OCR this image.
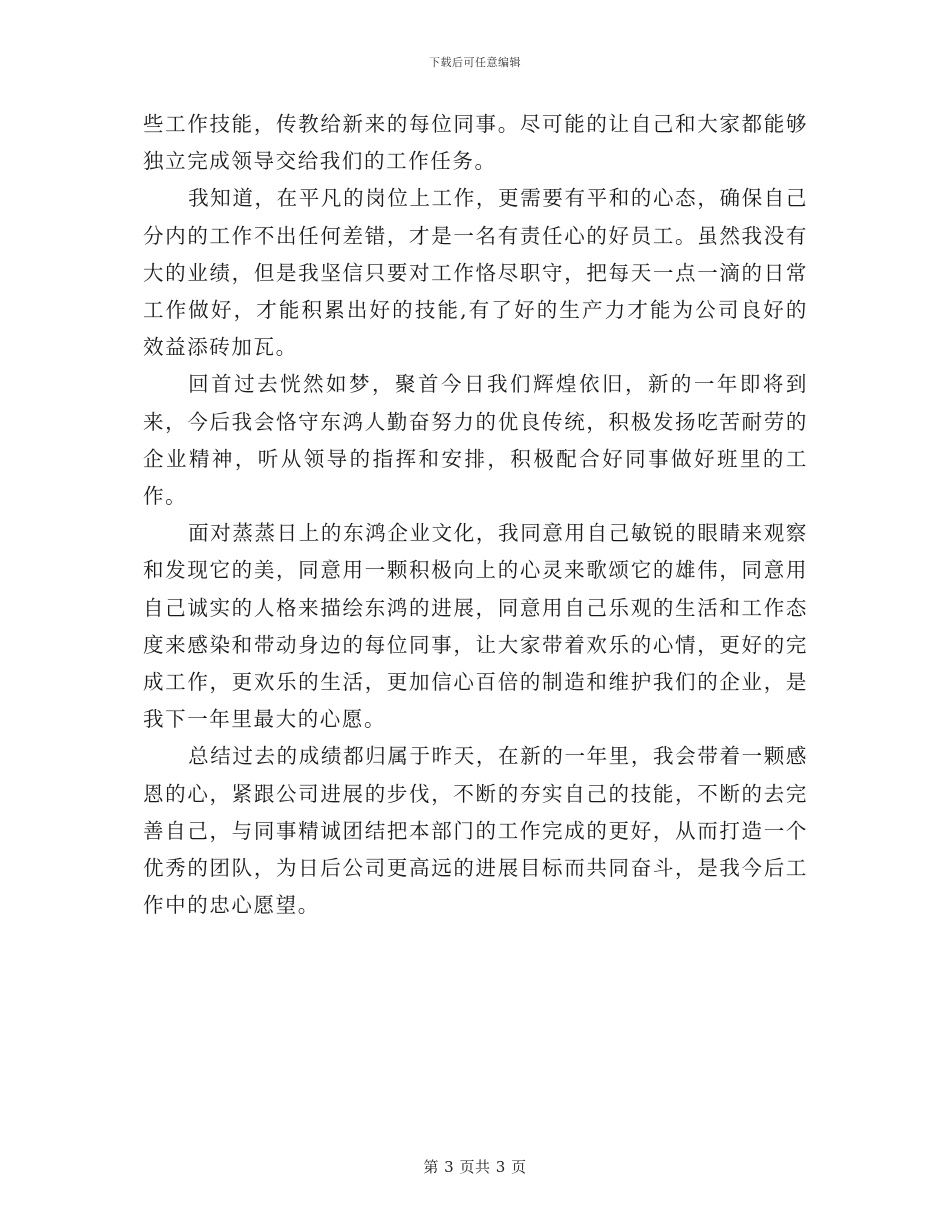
下载后可任意编辑

些工作技能，传教给新来的每位同事。尽可能的让自己和大家都能够独立完成领导交给我们的工作任务。

我知道，在平凡的岗位上工作，更需要有平和的心态，确保自己分内的工作不出任何差错，才是一名有责任心的好员工。虽然我没有大的业绩，但是我坚信只要对工作恪尽职守，把每天一点一滴的日常工作做好，才能积累出好的技能,有了好的生产力才能为公司良好的效益添砖加瓦。

回首过去恍然如梦，聚首今日我们辉煌依旧，新的一年即将到来，今后我会恪守东鸿人勤奋努力的优良传统，积极发扬吃苦耐劳的企业精神，听从领导的指挥和安排，积极配合好同事做好班里的工作。

面对蒸蒸日上的东鸿企业文化，我同意用自己敏锐的眼睛来观察和发现它的美，同意用一颗积极向上的心灵来歌颂它的雄伟，同意用自己诚实的人格来描绘东鸿的进展，同意用自己乐观的生活和工作态度来感染和带动身边的每位同事，让大家带着欢乐的心情，更好的完成工作，更欢乐的生活，更加信心百倍的制造和维护我们的企业，是我下一年里最大的心愿。

总结过去的成绩都归属于昨天，在新的一年里，我会带着一颗感恩的心，紧跟公司进展的步伐，不断的夯实自己的技能，不断的去完善自己，与同事精诚团结把本部门的工作完成的更好，从而打造一个优秀的团队，为日后公司更高远的进展目标而共同奋斗，是我今后工作中的忠心愿望。

第 3 页共 3 页
